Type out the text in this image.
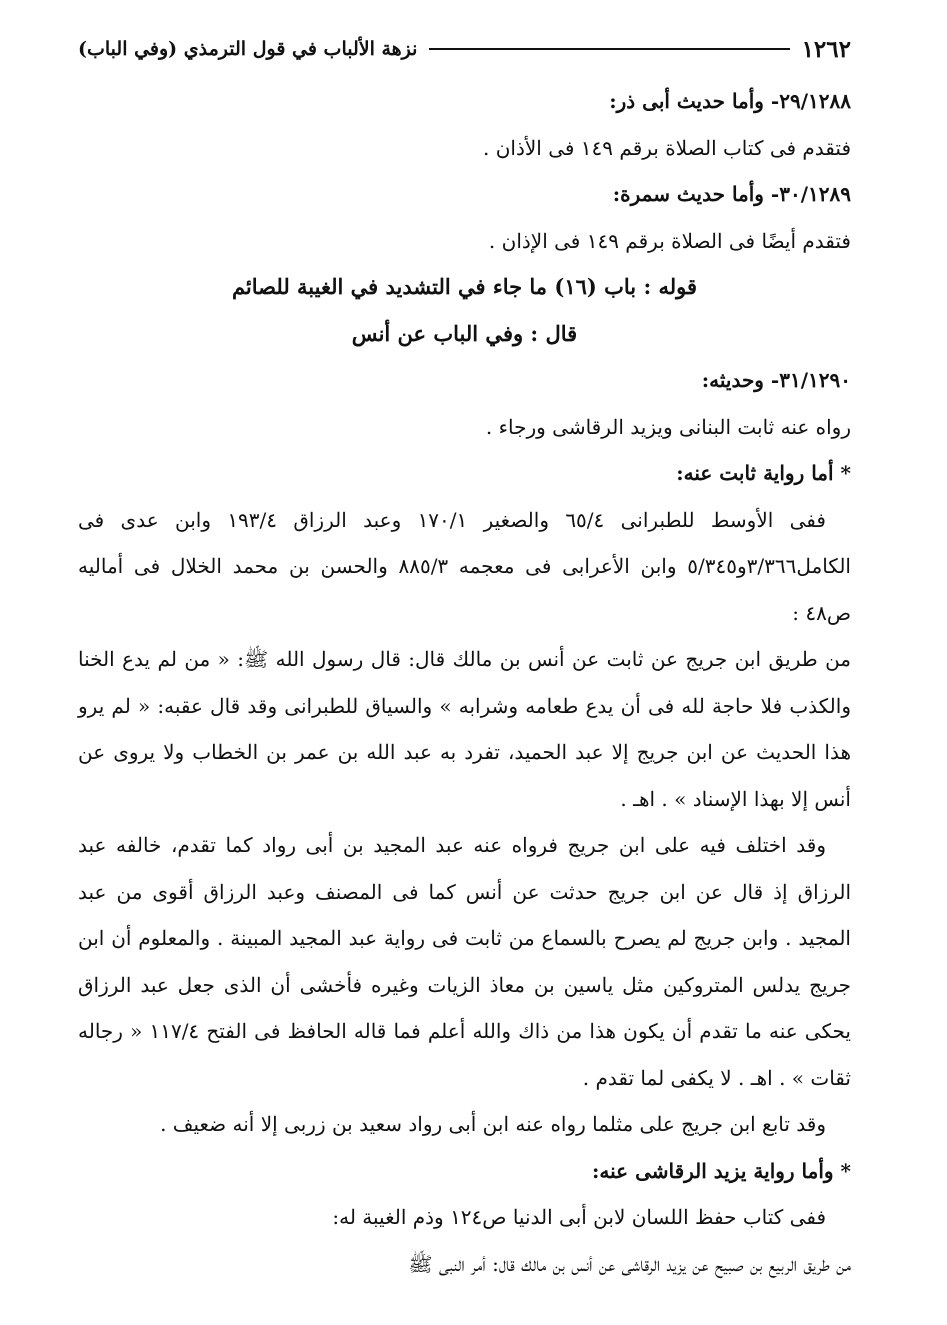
١٢٦٢
نزهة الألباب في قول الترمذي (وفي الباب)

٢٩/١٢٨٨- وأما حديث أبى ذر:

فتقدم فى كتاب الصلاة برقم ١٤٩ فى الأذان .

٣٠/١٢٨٩- وأما حديث سمرة:

فتقدم أيضًا فى الصلاة برقم ١٤٩ فى الإذان .

قوله : باب (١٦) ما جاء في التشديد في الغيبة للصائم

قال : وفي الباب عن أنس

٣١/١٢٩٠- وحديثه:

رواه عنه ثابت البنانى ويزيد الرقاشى ورجاء .

* أما رواية ثابت عنه:

ففى الأوسط للطبرانى ٦٥/٤ والصغير ١٧٠/١ وعبد الرزاق ١٩٣/٤ وابن عدى فى الكامل٣/٣٦٦و٥/٣٤٥ وابن الأعرابى فى معجمه ٨٨٥/٣ والحسن بن محمد الخلال فى أماليه ص٤٨ :

من طريق ابن جريج عن ثابت عن أنس بن مالك قال: قال رسول الله ﷺ: « من لم يدع الخنا والكذب فلا حاجة لله فى أن يدع طعامه وشرابه » والسياق للطبرانى وقد قال عقبه: « لم يرو هذا الحديث عن ابن جريج إلا عبد الحميد، تفرد به عبد الله بن عمر بن الخطاب ولا يروى عن أنس إلا بهذا الإسناد » . اهـ .

وقد اختلف فيه على ابن جريج فرواه عنه عبد المجيد بن أبى رواد كما تقدم، خالفه عبد الرزاق إذ قال عن ابن جريج حدثت عن أنس كما فى المصنف وعبد الرزاق أقوى من عبد المجيد . وابن جريج لم يصرح بالسماع من ثابت فى رواية عبد المجيد المبينة . والمعلوم أن ابن جريج يدلس المتروكين مثل ياسين بن معاذ الزيات وغيره فأخشى أن الذى جعل عبد الرزاق يحكى عنه ما تقدم أن يكون هذا من ذاك والله أعلم فما قاله الحافظ فى الفتح ١١٧/٤ « رجاله ثقات » . اهـ . لا يكفى لما تقدم .

وقد تابع ابن جريج على مثلما رواه عنه ابن أبى رواد سعيد بن زربى إلا أنه ضعيف .

* وأما رواية يزيد الرقاشى عنه:

ففى كتاب حفظ اللسان لابن أبى الدنيا ص١٢٤ وذم الغيبة له:

من طريق الربيع بن صبيح عن يزيد الرقاشى عن أنس بن مالك قال: أمر النبى ﷺ
